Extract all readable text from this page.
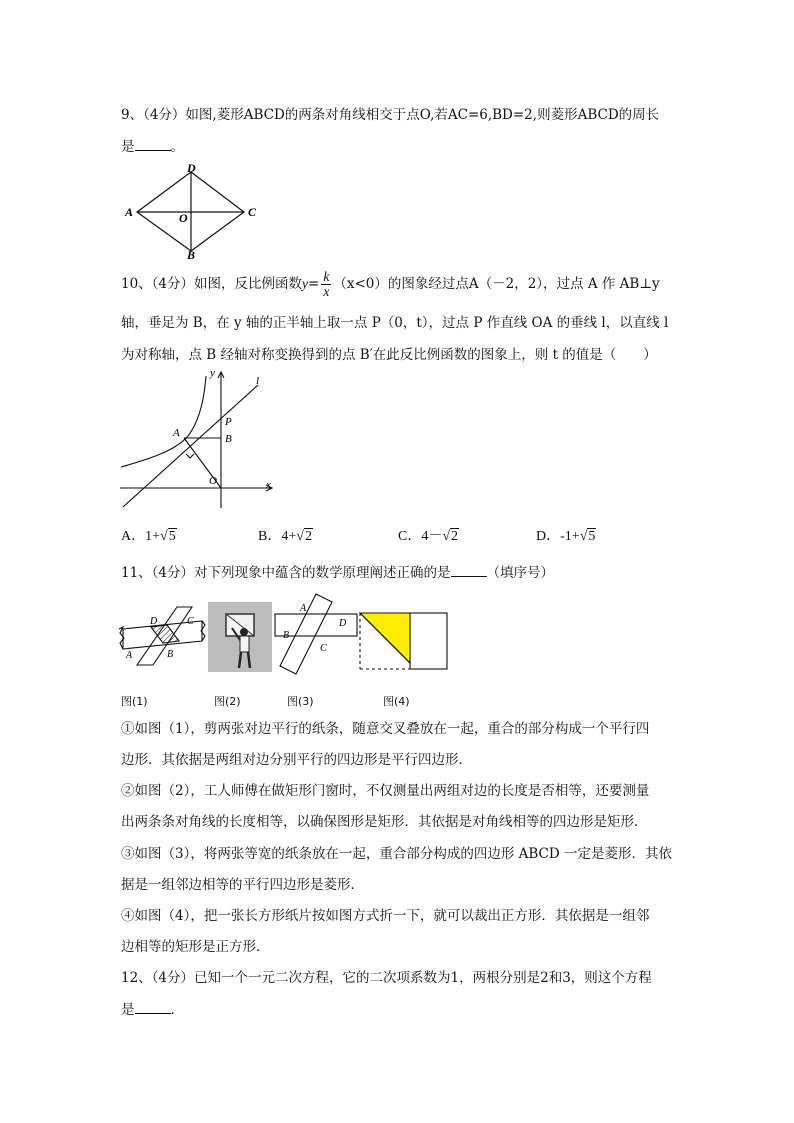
9、（4分）如图,菱形ABCD的两条对角线相交于点O,若AC=6,BD=2,则菱形ABCD的周长
是	。
A	C
D
B
O
10、（4分）如图，反比例函数$y= \frac{k}{x} (x<0)$的图象经过点A（－2，2），过点 A 作 AB⊥y
轴，垂足为 B，在 y 轴的正半轴上取一点 P（0，t），过点 P 作直线 OA 的垂线 l，以直线 l
为对称轴，点 B 经轴对称变换得到的点 B′在此反比例函数的图象上，则 t 的值是（　　）
y
x
l
P
A	B
O
A．1+√5	B．4+√2	C．4－√2	D．-1+√5
11、（4分）对下列现象中蕴含的数学原理阐述正确的是	（填序号）
D	C
A	B
A
D
B
C
图(1)	图(2)	图(3)	图(4)
①如图（1），剪两张对边平行的纸条，随意交叉叠放在一起，重合的部分构成一个平行四
边形．其依据是两组对边分别平行的四边形是平行四边形．
②如图（2），工人师傅在做矩形门窗时，不仅测量出两组对边的长度是否相等，还要测量
出两条条对角线的长度相等，以确保图形是矩形．其依据是对角线相等的四边形是矩形．
③如图（3），将两张等宽的纸条放在一起，重合部分构成的四边形 ABCD 一定是菱形．其依
据是一组邻边相等的平行四边形是菱形．
④如图（4），把一张长方形纸片按如图方式折一下，就可以裁出正方形．其依据是一组邻
边相等的矩形是正方形．
12、（4分）已知一个一元二次方程，它的二次项系数为1，两根分别是2和3，则这个方程
是	．
